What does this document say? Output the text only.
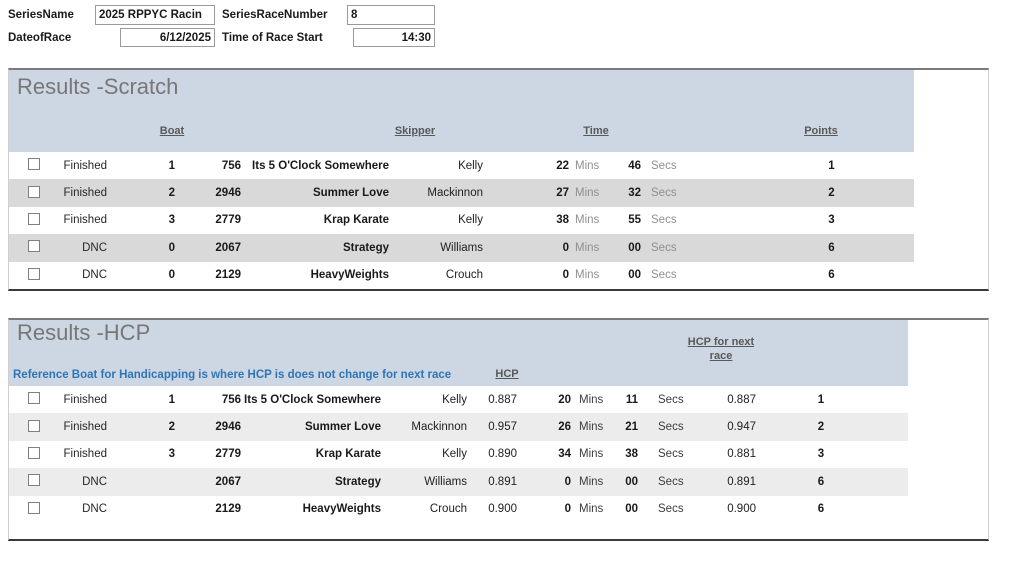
SeriesName
2025 RPPYC Racin	SeriesRaceNumber
8
DateofRace
6/12/2025	Time of Race Start
14:30
Results -Scratch
Boat	Skipper	Time	Points
Finished	1	756 Its 5 O'Clock Somewhere	Kelly	22 Mins	46 Secs	1
Finished	2	2946	Summer Love	Mackinnon	27 Mins	32 Secs	2
Finished	3	2779	Krap Karate	Kelly	38 Mins	55 Secs	3
DNC	0	2067	Strategy	Williams	0 Mins	00 Secs	6
DNC	0	2129	HeavyWeights	Crouch	0 Mins	00 Secs	6
Results -HCP
Reference Boat for Handicapping is where HCP is does not change for next race	HCP
HCP for next race
Finished	1	756 Its 5 O'Clock Somewhere	Kelly	0.887	20 Mins	11	Secs	0.887	1
Finished	2	2946	Summer Love	Mackinnon	0.957	26 Mins	21	Secs	0.947	2
Finished	3	2779	Krap Karate	Kelly	0.890	34 Mins	38	Secs	0.881	3
DNC	2067	Strategy	Williams	0.891	0 Mins	00	Secs	0.891	6
DNC	2129	HeavyWeights	Crouch	0.900	0 Mins	00	Secs	0.900	6
